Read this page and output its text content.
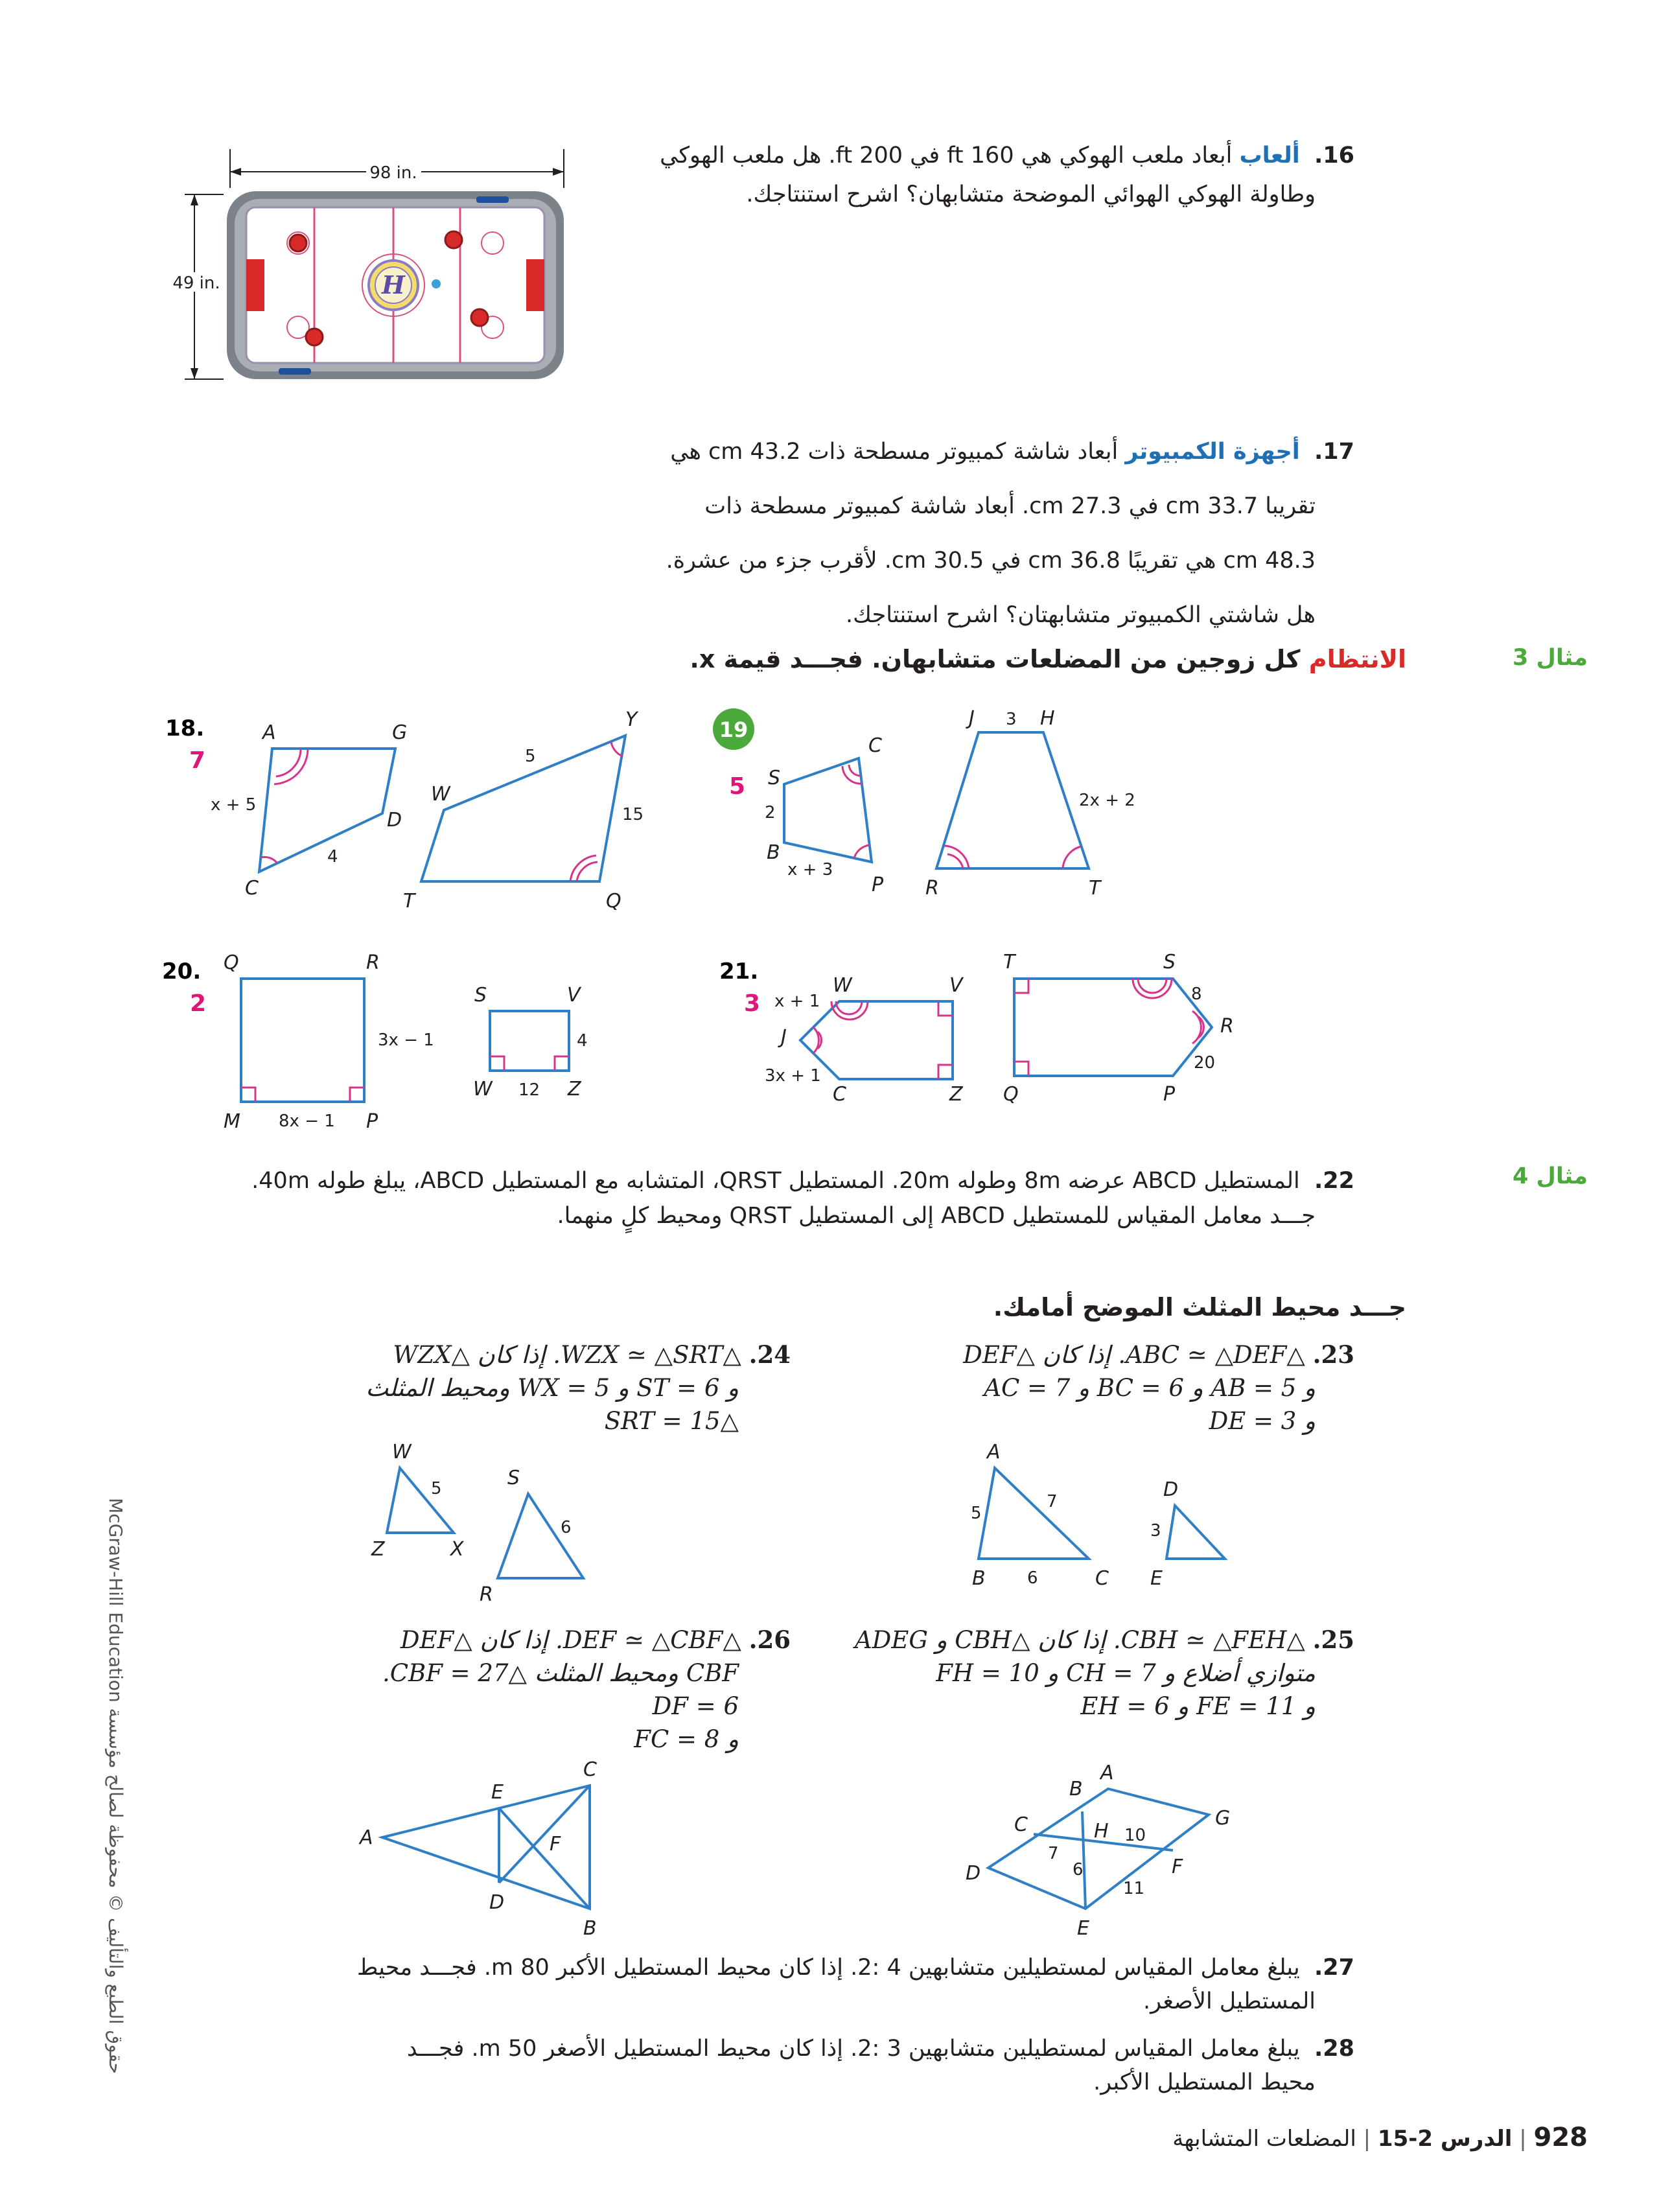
16.  ألعاب أبعاد ملعب الهوكي هي 160 ft في 200 ft. هل ملعب الهوكي
وطاولة الهوكي الهوائي الموضحة متشابهان؟ اشرح استنتاجك.
98 in.
49 in.	H
17.  أجهزة الكمبيوتر أبعاد شاشة كمبيوتر مسطحة ذات 43.2 cm هي
تقريبا 33.7 cm في 27.3 cm. أبعاد شاشة كمبيوتر مسطحة ذات
48.3 cm هي تقريبًا 36.8 cm في 30.5 cm. لأقرب جزء من عشرة.
هل شاشتي الكمبيوتر متشابهتان؟ اشرح استنتاجك.
مثال 3
الانتظام كل زوجين من المضلعات متشابهان. فجـــد قيمة x.
18.
7
A	G
D
C
x + 5
4
W
Y
T	Q
5
15
19
5 S
C
B
P
2
x + 3
J	H
R	T
3
2x + 2
20.
2
Q	R
M	P
3x − 1
8x − 1
S	V
W	Z
4
12
21.
3
W	V
J
C	Z
x + 1
3x + 1
T	S
R
Q	P
8
20
مثال 4
22.  المستطيل ABCD عرضه 8m وطوله 20m. المستطيل QRST، المتشابه مع المستطيل ABCD، يبلغ طوله 40m.
جـــد معامل المقياس للمستطيل ABCD إلى المستطيل QRST ومحيط كلٍ منهما.
جـــد محيط المثلث الموضح أمامك.
23. △ABC ≃ △DEF. إذا كان △DEF
و AB = 5 و BC = 6 و AC = 7
و DE = 3
24. △WZX ≃ △SRT. إذا كان △WZX
و ST = 6 و WX = 5 ومحيط المثلث
△SRT = 15
A
B	C
5
7
6
D
E
3
W
Z	X
5	S
R
6
25. △CBH ≃ △FEH. إذا كان △CBH و ADEG
متوازي أضلاع و CH = 7 و FH = 10
و FE = 11 و EH = 6
26. △DEF ≃ △CBF. إذا كان △DEF
CBF ومحيط المثلث △CBF = 27.
DF = 6
و FC = 8
A
B
C	H
G
D	F
E
10
7
6
11
E
C
A	F
D
B
27.  يبلغ معامل المقياس لمستطيلين متشابهين 4 :2. إذا كان محيط المستطيل الأكبر 80 m. فجـــد محيط
المستطيل الأصغر.
28.  يبلغ معامل المقياس لمستطيلين متشابهين 3 :2. إذا كان محيط المستطيل الأصغر 50 m. فجـــد
محيط المستطيل الأكبر.
حقوق الطبع والتأليف © محفوظة لصالح مؤسسة McGraw-Hill Education
928 | الدرس 2-15 | المضلعات المتشابهة
